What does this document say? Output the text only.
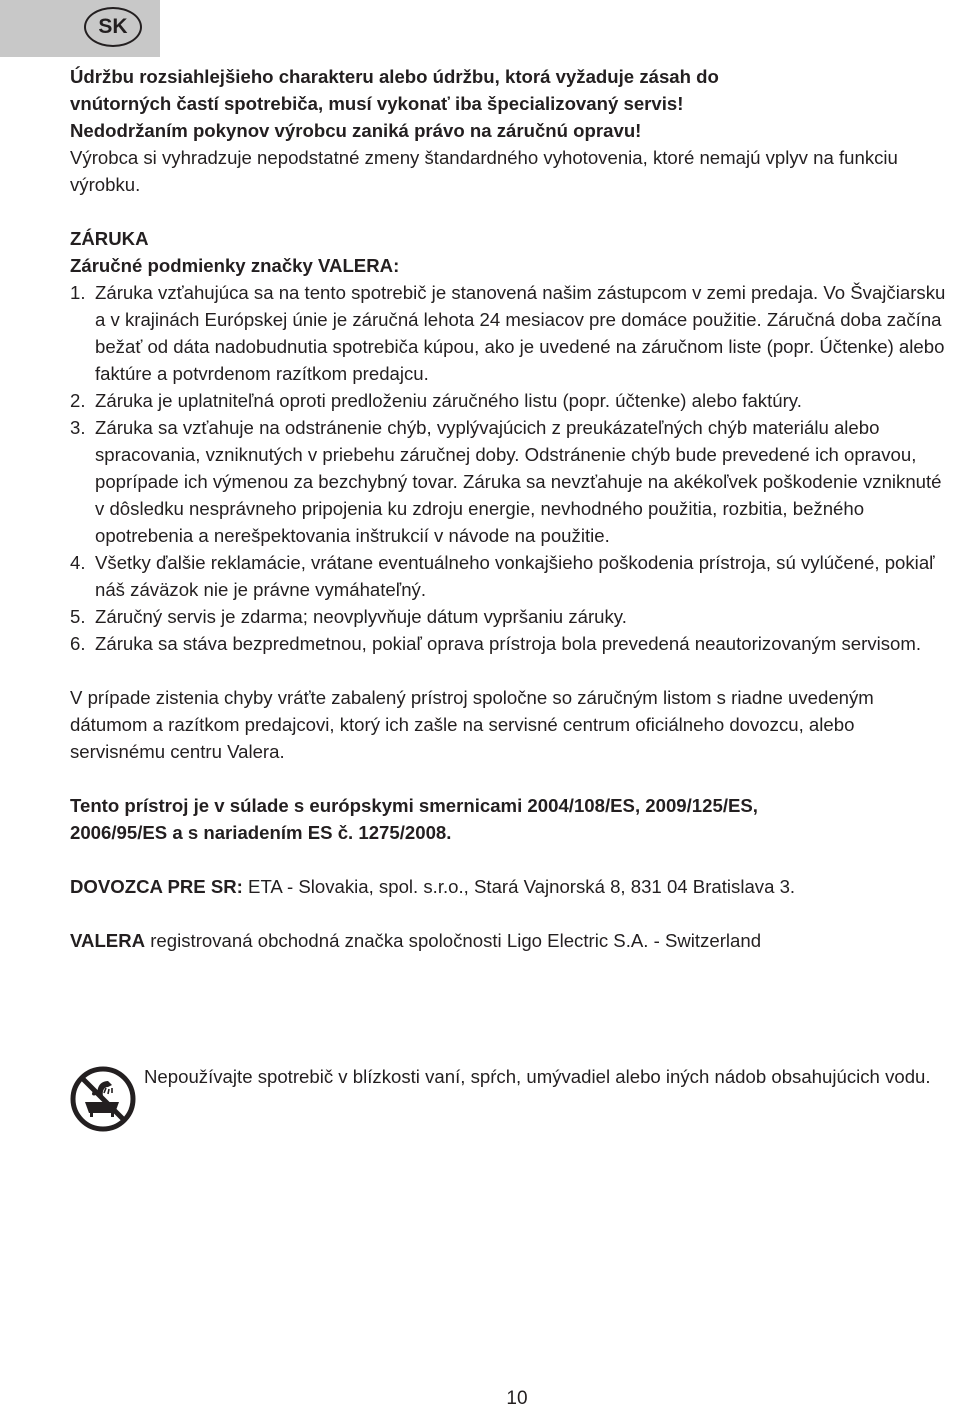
SK

Údržbu rozsiahlejšieho charakteru alebo údržbu, ktorá vyžaduje zásah do

vnútorných častí spotrebiča, musí vykonať iba špecializovaný servis!

Nedodržaním pokynov výrobcu zaniká právo na záručnú opravu!

Výrobca si vyhradzuje nepodstatné zmeny štandardného vyhotovenia, ktoré nemajú vplyv na funkciu výrobku.

ZÁRUKA

Záručné podmienky značky VALERA:

1. Záruka vzťahujúca sa na tento spotrebič je stanovená našim zástupcom v zemi predaja. Vo Švajčiarsku a v krajinách Európskej únie je záručná lehota 24 mesiacov pre domáce použitie. Záručná doba začína bežať od dáta nadobudnutia spotrebiča kúpou, ako je uvedené na záručnom liste (popr. Účtenke) alebo faktúre a potvrdenom razítkom predajcu.
2. Záruka je uplatniteľná oproti predloženiu záručného listu (popr. účtenke) alebo faktúry.
3. Záruka sa vzťahuje na odstránenie chýb, vyplývajúcich z preukázateľných chýb materiálu alebo spracovania, vzniknutých v priebehu záručnej doby. Odstránenie chýb bude prevedené ich opravou, poprípade ich výmenou za bezchybný tovar. Záruka sa nevzťahuje na akékoľvek poškodenie vzniknuté v dôsledku nesprávneho pripojenia ku zdroju energie, nevhodného použitia, rozbitia, bežného opotrebenia a nerešpektovania inštrukcií v návode na použitie.
4. Všetky ďalšie reklamácie, vrátane eventuálneho vonkajšieho poškodenia prístroja, sú vylúčené, pokiaľ náš záväzok nie je právne vymáhateľný.
5. Záručný servis je zdarma; neovplyvňuje dátum vypršaniu záruky.
6. Záruka sa stáva bezpredmetnou, pokiaľ oprava prístroja bola prevedená neautorizovaným servisom.

V prípade zistenia chyby vráťte zabalený prístroj spoločne so záručným listom s riadne uvedeným dátumom a razítkom predajcovi, ktorý ich zašle na servisné centrum oficiálneho dovozcu, alebo servisnému centru Valera.

Tento prístroj je v súlade s európskymi smernicami 2004/108/ES, 2009/125/ES,

2006/95/ES a s nariadením ES č. 1275/2008.

DOVOZCA PRE SR: ETA - Slovakia, spol. s.r.o., Stará Vajnorská 8, 831 04 Bratislava 3.

VALERA registrovaná obchodná značka spoločnosti Ligo Electric S.A. - Switzerland

Nepoužívajte spotrebič v blízkosti vaní, spŕch, umývadiel alebo iných nádob obsahujúcich vodu.
10
